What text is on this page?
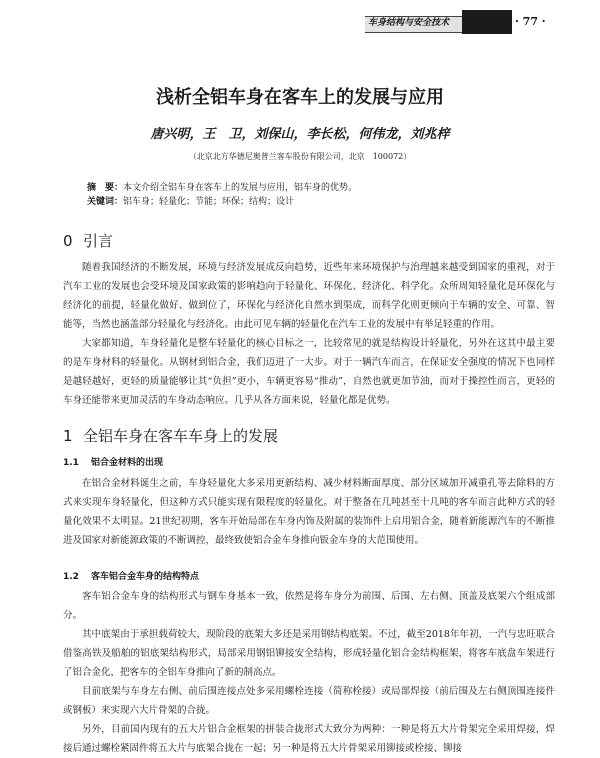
车身结构与安全技术	· 77 ·
浅析全铝车身在客车上的发展与应用
唐兴明，王　卫，刘保山，李长松，何伟龙，刘兆梓
（北京北方华德尼奥普兰客车股份有限公司，北京　100072）
摘　要：本文介绍全铝车身在客车上的发展与应用，铝车身的优势。
关键词：铝车身；轻量化；节能；环保；结构；设计
0 引言

随着我国经济的不断发展，环境与经济发展成反向趋势，近些年来环境保护与治理越来越受到国家的重视，对于汽车工业的发展也会受环境及国家政策的影响趋向于轻量化、环保化、经济化、科学化。众所周知轻量化是环保化与经济化的前提，轻量化做好、做到位了，环保化与经济化自然水到渠成，而科学化则更倾向于车辆的安全、可靠、智能等，当然也涵盖部分轻量化与经济化。由此可见车辆的轻量化在汽车工业的发展中有举足轻重的作用。

大家都知道，车身轻量化是整车轻量化的核心目标之一，比较常见的就是结构设计轻量化，另外在这其中最主要的是车身材料的轻量化。从钢材到铝合金，我们迈进了一大步。对于一辆汽车而言，在保证安全强度的情况下也同样是越轻越好，更轻的质量能够让其“负担”更小，车辆更容易“推动”，自然也就更加节油，而对于操控性而言，更轻的车身还能带来更加灵活的车身动态响应。几乎从各方面来说，轻量化都是优势。

1 全铝车身在客车车身上的发展
1.1 铝合金材料的出现

在铝合金材料诞生之前，车身轻量化大多采用更新结构、减少材料断面厚度、部分区域加开减重孔等去除料的方式来实现车身轻量化，但这种方式只能实现有限程度的轻量化。对于整备在几吨甚至十几吨的客车而言此种方式的轻量化效果不太明显。21世纪初期，客车开始局部在车身内饰及附属的装饰件上启用铝合金，随着新能源汽车的不断推进及国家对新能源政策的不断调控，最终致使铝合金车身推向钣金车身的大范围使用。

1.2 客车铝合金车身的结构特点

客车铝合金车身的结构形式与钢车身基本一致，依然是将车身分为前围、后围、左右侧、顶盖及底架六个组成部分。

其中底架由于承担载荷较大，现阶段的底架大多还是采用钢结构底架。不过，截至2018年年初，一汽与忠旺联合借鉴高铁及船舶的铝底架结构形式，局部采用钢铝铆接安全结构，形成轻量化铝合金结构框架，将客车底盘车架进行了铝合金化，把客车的全铝车身推向了新的制高点。

目前底架与车身左右侧、前后围连接点处多采用螺栓连接（简称栓接）或局部焊接（前后围及左右侧顶围连接件或钢板）来实现六大片骨架的合拢。

另外，目前国内现有的五大片铝合金框架的拼装合拢形式大致分为两种：一种是将五大片骨架完全采用焊接，焊接后通过螺栓紧固件将五大片与底架合拢在一起；另一种是将五大片骨架采用铆接或栓接、铆接
